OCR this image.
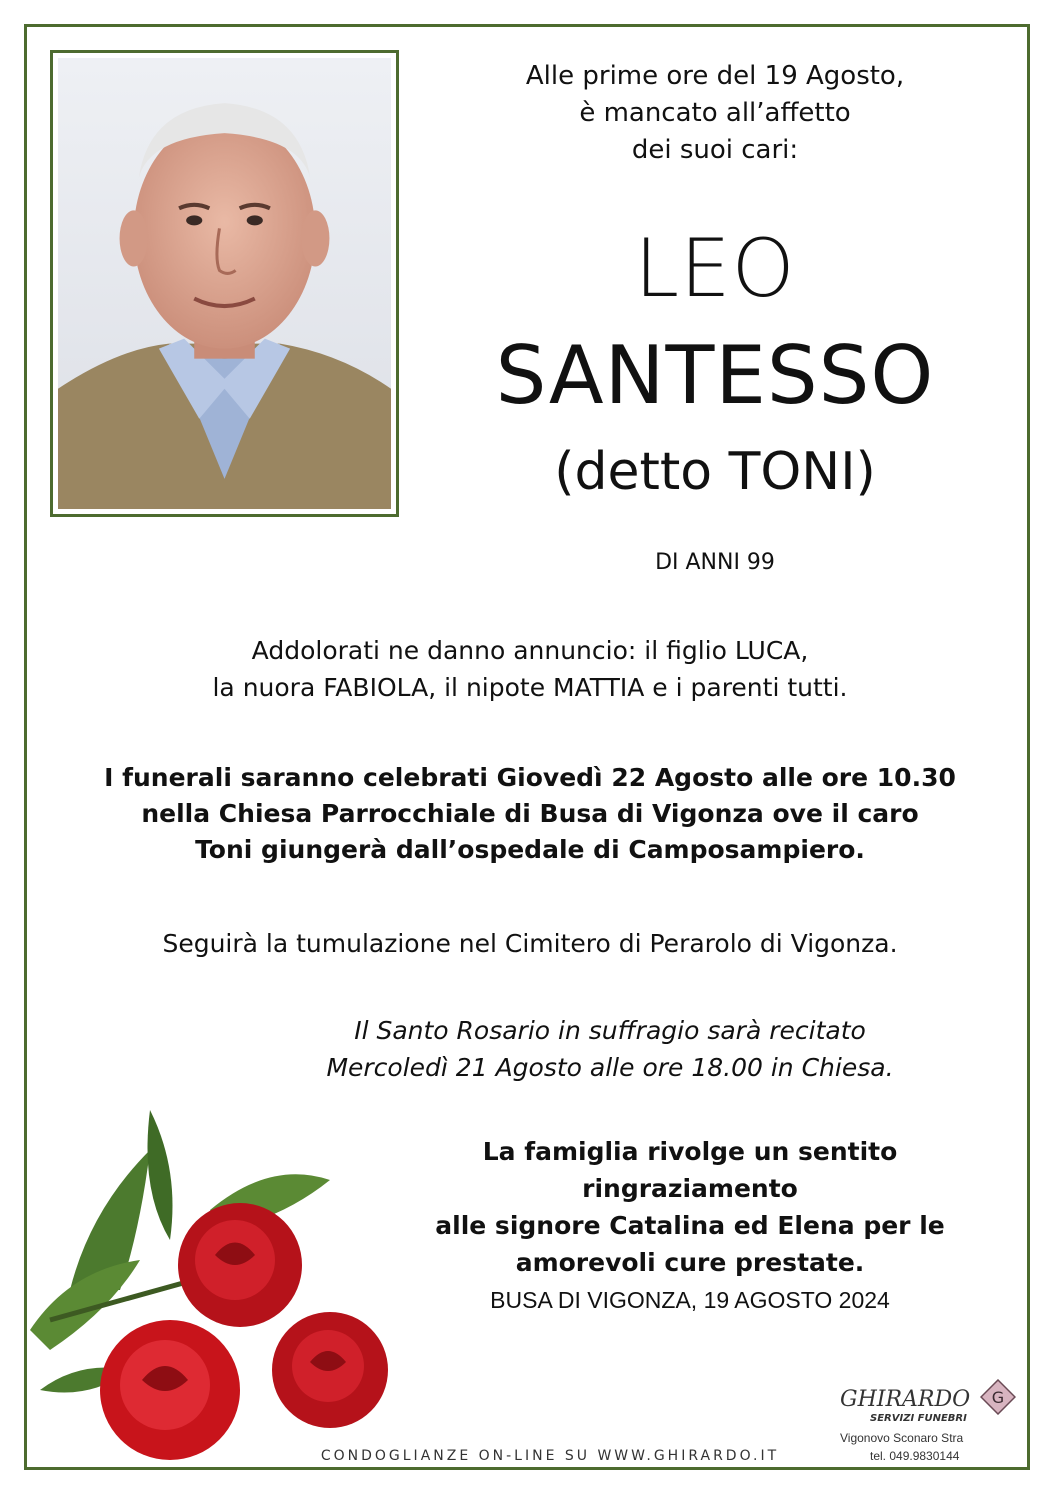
Alle prime ore del 19 Agosto,
è mancato all’affetto
dei suoi cari:
LEO
SANTESSO
(detto TONI)
DI ANNI 99
Addolorati ne danno annuncio: il figlio LUCA,
la nuora FABIOLA, il nipote MATTIA e i parenti tutti.
I funerali saranno celebrati Giovedì 22 Agosto alle ore 10.30
nella Chiesa Parrocchiale di Busa di Vigonza ove il caro
Toni giungerà dall’ospedale di Camposampiero.
Seguirà la tumulazione nel Cimitero di Perarolo di Vigonza.
Il Santo Rosario in suffragio sarà recitato
Mercoledì 21 Agosto alle ore 18.00 in Chiesa.
La famiglia rivolge un sentito ringraziamento
alle signore Catalina ed Elena per le
amorevoli cure prestate.
BUSA DI VIGONZA, 19 AGOSTO 2024
GHIRARDO
SERVIZI FUNEBRI
G
Vigonovo Sconaro Stra
tel. 049.9830144
CONDOGLIANZE ON-LINE SU WWW.GHIRARDO.IT
